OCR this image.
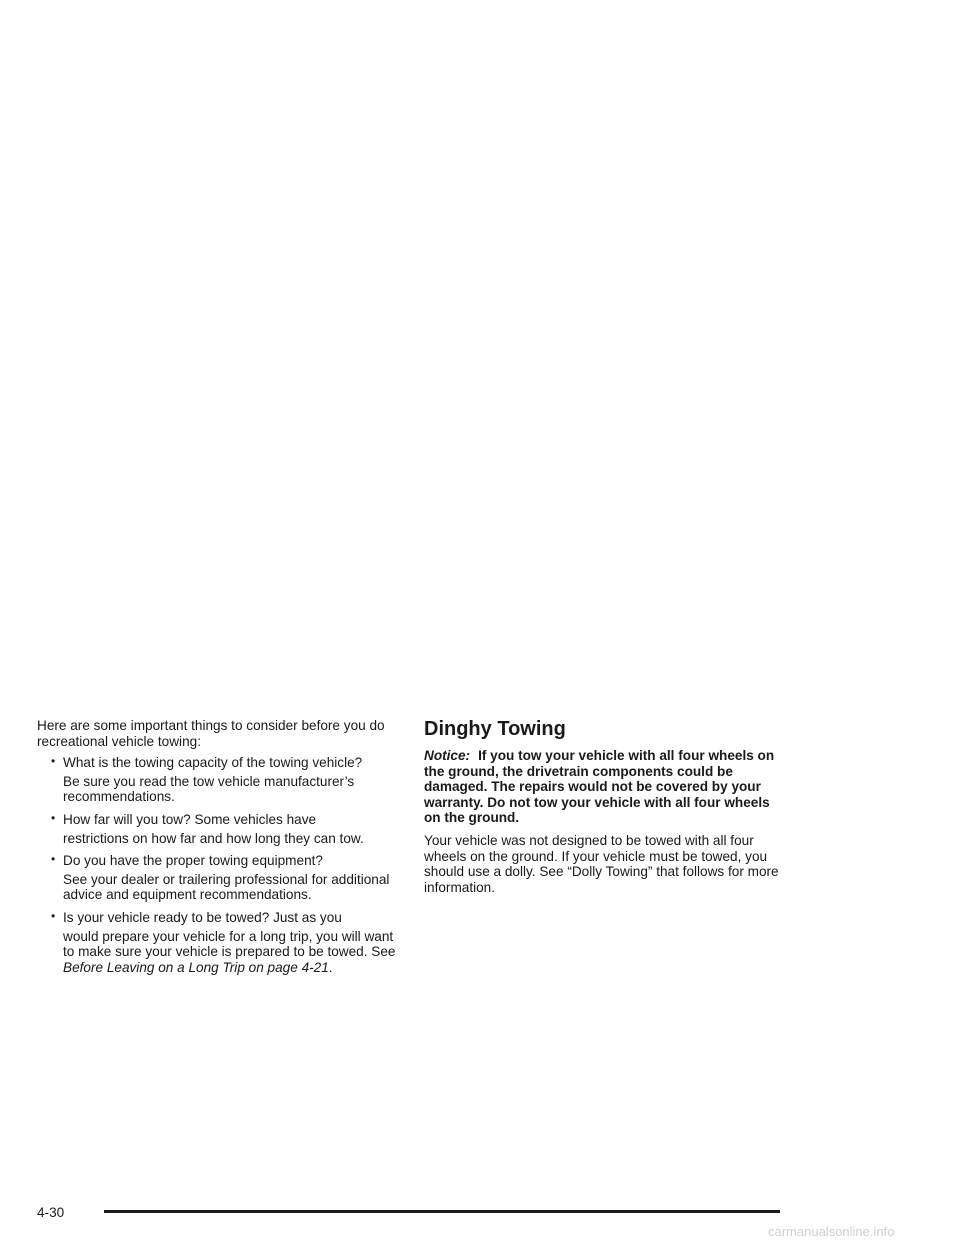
Here are some important things to consider before you do recreational vehicle towing:

• What is the towing capacity of the towing vehicle?
Be sure you read the tow vehicle manufacturer’s recommendations.
• How far will you tow? Some vehicles have
restrictions on how far and how long they can tow.
• Do you have the proper towing equipment?
See your dealer or trailering professional for additional advice and equipment recommendations.
• Is your vehicle ready to be towed? Just as you
would prepare your vehicle for a long trip, you will want to make sure your vehicle is prepared to be towed. See Before Leaving on a Long Trip on page 4-21.
Dinghy Towing

Notice: If you tow your vehicle with all four wheels on the ground, the drivetrain components could be damaged. The repairs would not be covered by your warranty. Do not tow your vehicle with all four wheels on the ground.

Your vehicle was not designed to be towed with all four wheels on the ground. If your vehicle must be towed, you should use a dolly. See “Dolly Towing” that follows for more information.

4-30
carmanualsonline.info
